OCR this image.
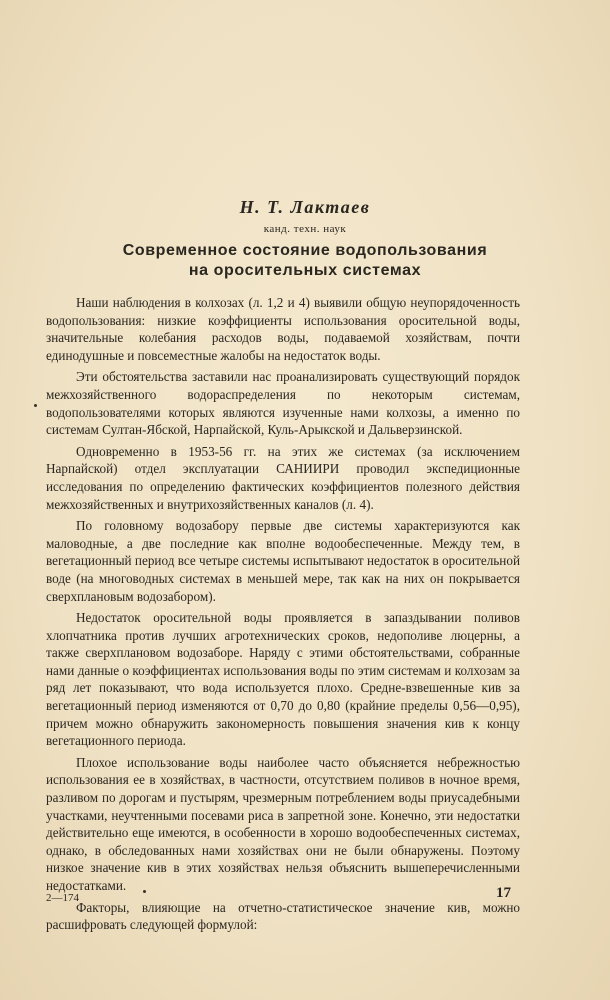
Н. Т. Лактаев

канд. техн. наук

Современное состояние водопользования

на оросительных системах

Наши наблюдения в колхозах (л. 1,2 и 4) выявили общую неупорядоченность водопользования: низкие коэффициенты использования оросительной воды, значительные колебания расходов воды, подаваемой хозяйствам, почти единодушные и повсеместные жалобы на недостаток воды.

Эти обстоятельства заставили нас проанализировать существующий порядок межхозяйственного водораспределения по некоторым системам, водопользователями которых являются изученные нами колхозы, а именно по системам Султан-Ябской, Нарпайской, Куль-Арыкской и Дальверзинской.

Одновременно в 1953-56 гг. на этих же системах (за исключением Нарпайской) отдел эксплуатации САНИИРИ проводил экспедиционные исследования по определению фактических коэффициентов полезного действия межхозяйственных и внутрихозяйственных каналов (л. 4).

По головному водозабору первые две системы характеризуются как маловодные, а две последние как вполне водообеспеченные. Между тем, в вегетационный период все четыре системы испытывают недостаток в оросительной воде (на многоводных системах в меньшей мере, так как на них он покрывается сверхплановым водозабором).

Недостаток оросительной воды проявляется в запаздывании поливов хлопчатника против лучших агротехнических сроков, недополиве люцерны, а также сверхплановом водозаборе. Наряду с этими обстоятельствами, собранные нами данные о коэффициентах использования воды по этим системам и колхозам за ряд лет показывают, что вода используется плохо. Средне-взвешенные кив за вегетационный период изменяются от 0,70 до 0,80 (крайние пределы 0,56—0,95), причем можно обнаружить закономерность повышения значения кив к концу вегетационного периода.

Плохое использование воды наиболее часто объясняется небрежностью использования ее в хозяйствах, в частности, отсутствием поливов в ночное время, разливом по дорогам и пустырям, чрезмерным потреблением воды приусадебными участками, неучтенными посевами риса в запретной зоне. Конечно, эти недостатки действительно еще имеются, в особенности в хорошо водообеспеченных системах, однако, в обследованных нами хозяйствах они не были обнаружены. Поэтому низкое значение кив в этих хозяйствах нельзя объяснить вышеперечисленными недостатками.

Факторы, влияющие на отчетно-статистическое значение кив, можно расшифровать следующей формулой:

2—174	17
